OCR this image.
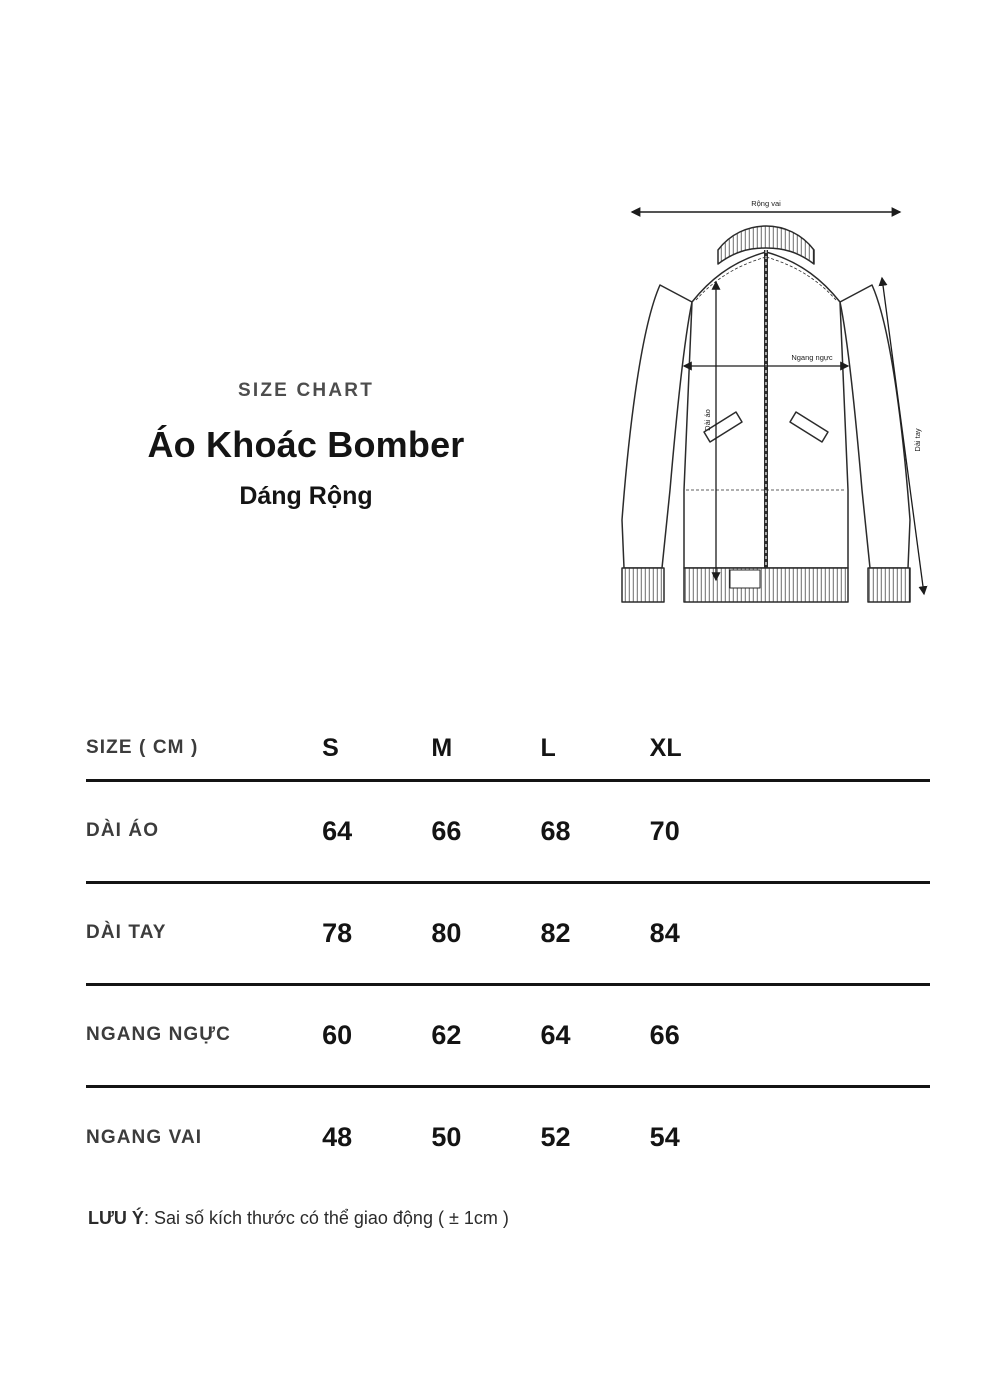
SIZE CHART

Áo Khoác Bomber
Dáng Rộng
Rộng vai
Ngang ngực
Dài áo
Dài tay
SIZE ( CM )	S	M	L	XL	
DÀI ÁO	64	66	68	70	
DÀI TAY	78	80	82	84	
NGANG NGỰC	60	62	64	66	
NGANG VAI	48	50	52	54	
LƯU Ý: Sai số kích thước có thể giao động ( ± 1cm )
